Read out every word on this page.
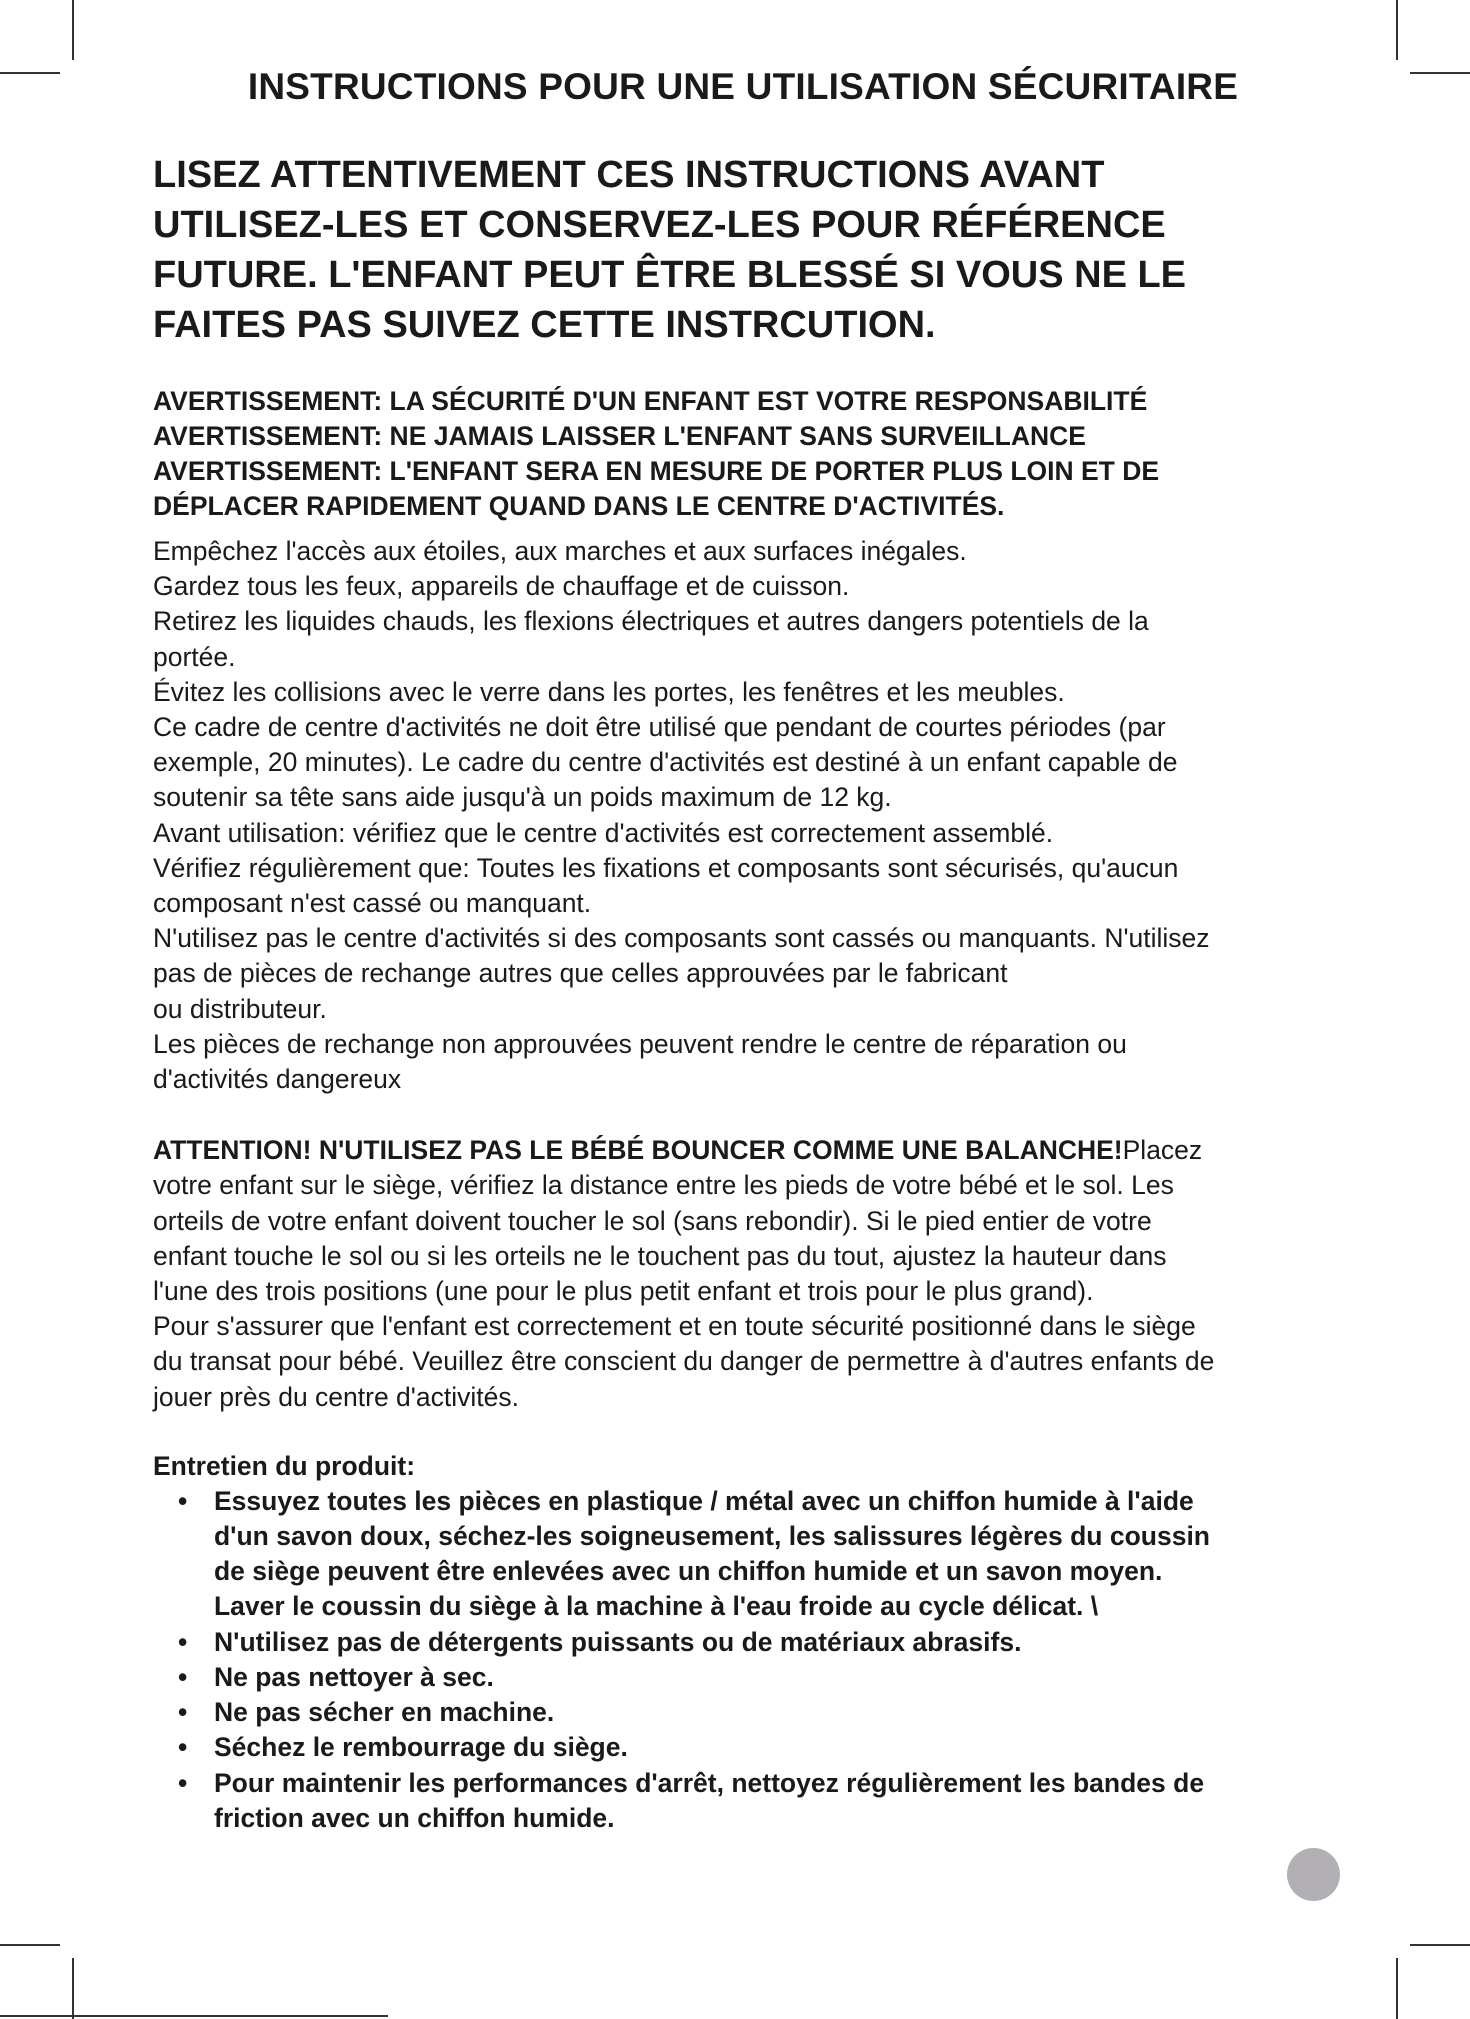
INSTRUCTIONS POUR UNE UTILISATION SÉCURITAIRE

LISEZ ATTENTIVEMENT CES INSTRUCTIONS AVANT
UTILISEZ-LES ET CONSERVEZ-LES POUR RÉFÉRENCE
FUTURE. L'ENFANT PEUT ÊTRE BLESSÉ SI VOUS NE LE
FAITES PAS SUIVEZ CETTE INSTRCUTION.

AVERTISSEMENT: LA SÉCURITÉ D'UN ENFANT EST VOTRE RESPONSABILITÉ
AVERTISSEMENT: NE JAMAIS LAISSER L'ENFANT SANS SURVEILLANCE
AVERTISSEMENT: L'ENFANT SERA EN MESURE DE PORTER PLUS LOIN ET DE
DÉPLACER RAPIDEMENT QUAND DANS LE CENTRE D'ACTIVITÉS.
Empêchez l'accès aux étoiles, aux marches et aux surfaces inégales.
Gardez tous les feux, appareils de chauffage et de cuisson.
Retirez les liquides chauds, les flexions électriques et autres dangers potentiels de la
portée.
Évitez les collisions avec le verre dans les portes, les fenêtres et les meubles.
Ce cadre de centre d'activités ne doit être utilisé que pendant de courtes périodes (par
exemple, 20 minutes). Le cadre du centre d'activités est destiné à un enfant capable de
soutenir sa tête sans aide jusqu'à un poids maximum de 12 kg.
Avant utilisation: vérifiez que le centre d'activités est correctement assemblé.
Vérifiez régulièrement que: Toutes les fixations et composants sont sécurisés, qu'aucun
composant n'est cassé ou manquant.
N'utilisez pas le centre d'activités si des composants sont cassés ou manquants. N'utilisez
pas de pièces de rechange autres que celles approuvées par le fabricant
ou distributeur.
Les pièces de rechange non approuvées peuvent rendre le centre de réparation ou
d'activités dangereux
ATTENTION! N'UTILISEZ PAS LE BÉBÉ BOUNCER COMME UNE BALANCHE!Placez
votre enfant sur le siège, vérifiez la distance entre les pieds de votre bébé et le sol. Les
orteils de votre enfant doivent toucher le sol (sans rebondir). Si le pied entier de votre
enfant touche le sol ou si les orteils ne le touchent pas du tout, ajustez la hauteur dans
l'une des trois positions (une pour le plus petit enfant et trois pour le plus grand).
Pour s'assurer que l'enfant est correctement et en toute sécurité positionné dans le siège
du transat pour bébé. Veuillez être conscient du danger de permettre à d'autres enfants de
jouer près du centre d'activités.

Entretien du produit:

• Essuyez toutes les pièces en plastique / métal avec un chiffon humide à l'aide
d'un savon doux, séchez-les soigneusement, les salissures légères du coussin
de siège peuvent être enlevées avec un chiffon humide et un savon moyen.
Laver le coussin du siège à la machine à l'eau froide au cycle délicat. \
• N'utilisez pas de détergents puissants ou de matériaux abrasifs.
• Ne pas nettoyer à sec.
• Ne pas sécher en machine.
• Séchez le rembourrage du siège.
• Pour maintenir les performances d'arrêt, nettoyez régulièrement les bandes de
friction avec un chiffon humide.
